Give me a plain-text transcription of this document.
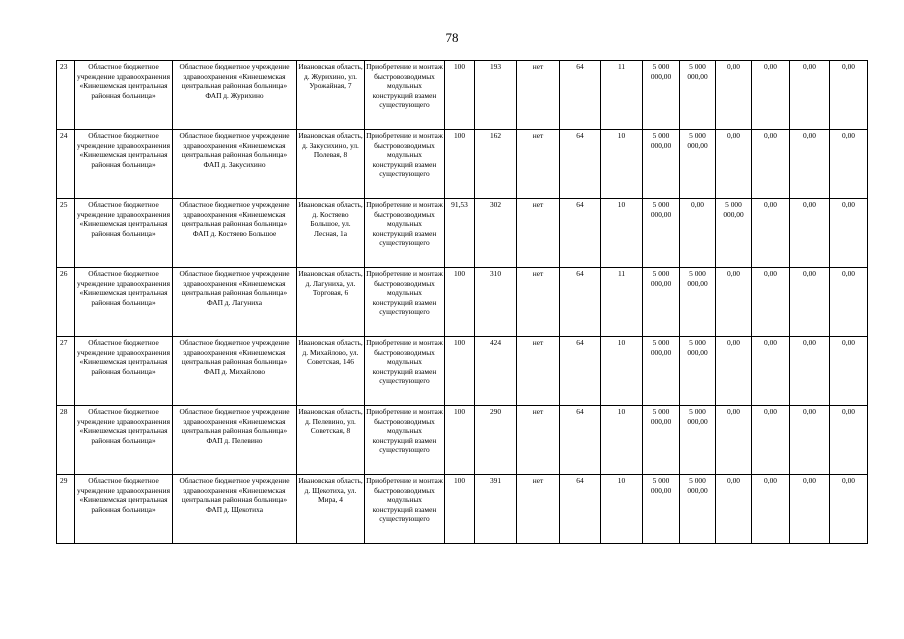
78
23	Областное бюджетное учреждение здравоохранения «Кинешемская центральная районная больница»	Областное бюджетное учреждение здравоохранения «Кинешемская центральная районная больница» ФАП д. Журихино	Ивановская область, д. Журихино, ул. Урожайная, 7	Приобретение и монтаж быстровозводимых модульных конструкций взамен существующего	100	193	нет	64	11	5 000 000,00	5 000 000,00	0,00	0,00	0,00	0,00
24	Областное бюджетное учреждение здравоохранения «Кинешемская центральная районная больница»	Областное бюджетное учреждение здравоохранения «Кинешемская центральная районная больница» ФАП д. Закусихино	Ивановская область, д. Закусихино, ул. Полевая, 8	Приобретение и монтаж быстровозводимых модульных конструкций взамен существующего	100	162	нет	64	10	5 000 000,00	5 000 000,00	0,00	0,00	0,00	0,00
25	Областное бюджетное учреждение здравоохранения «Кинешемская центральная районная больница»	Областное бюджетное учреждение здравоохранения «Кинешемская центральная районная больница» ФАП д. Костяево Большое	Ивановская область, д. Костяево Большое, ул. Лесная, 1а	Приобретение и монтаж быстровозводимых модульных конструкций взамен существующего	91,53	302	нет	64	10	5 000 000,00	0,00	5 000 000,00	0,00	0,00	0,00
26	Областное бюджетное учреждение здравоохранения «Кинешемская центральная районная больница»	Областное бюджетное учреждение здравоохранения «Кинешемская центральная районная больница» ФАП д. Лагуниха	Ивановская область, д. Лагуниха, ул. Торговая, 6	Приобретение и монтаж быстровозводимых модульных конструкций взамен существующего	100	310	нет	64	11	5 000 000,00	5 000 000,00	0,00	0,00	0,00	0,00
27	Областное бюджетное учреждение здравоохранения «Кинешемская центральная районная больница»	Областное бюджетное учреждение здравоохранения «Кинешемская центральная районная больница» ФАП д. Михайлово	Ивановская область, д. Михайлово, ул. Советская, 146	Приобретение и монтаж быстровозводимых модульных конструкций взамен существующего	100	424	нет	64	10	5 000 000,00	5 000 000,00	0,00	0,00	0,00	0,00
28	Областное бюджетное учреждение здравоохранения «Кинешемская центральная районная больница»	Областное бюджетное учреждение здравоохранения «Кинешемская центральная районная больница» ФАП д. Пелевино	Ивановская область, д. Пелевино, ул. Советская, 8	Приобретение и монтаж быстровозводимых модульных конструкций взамен существующего	100	290	нет	64	10	5 000 000,00	5 000 000,00	0,00	0,00	0,00	0,00
29	Областное бюджетное учреждение здравоохранения «Кинешемская центральная районная больница»	Областное бюджетное учреждение здравоохранения «Кинешемская центральная районная больница» ФАП д. Щекотиха	Ивановская область, д. Щекотиха, ул. Мира, 4	Приобретение и монтаж быстровозводимых модульных конструкций взамен существующего	100	391	нет	64	10	5 000 000,00	5 000 000,00	0,00	0,00	0,00	0,00
